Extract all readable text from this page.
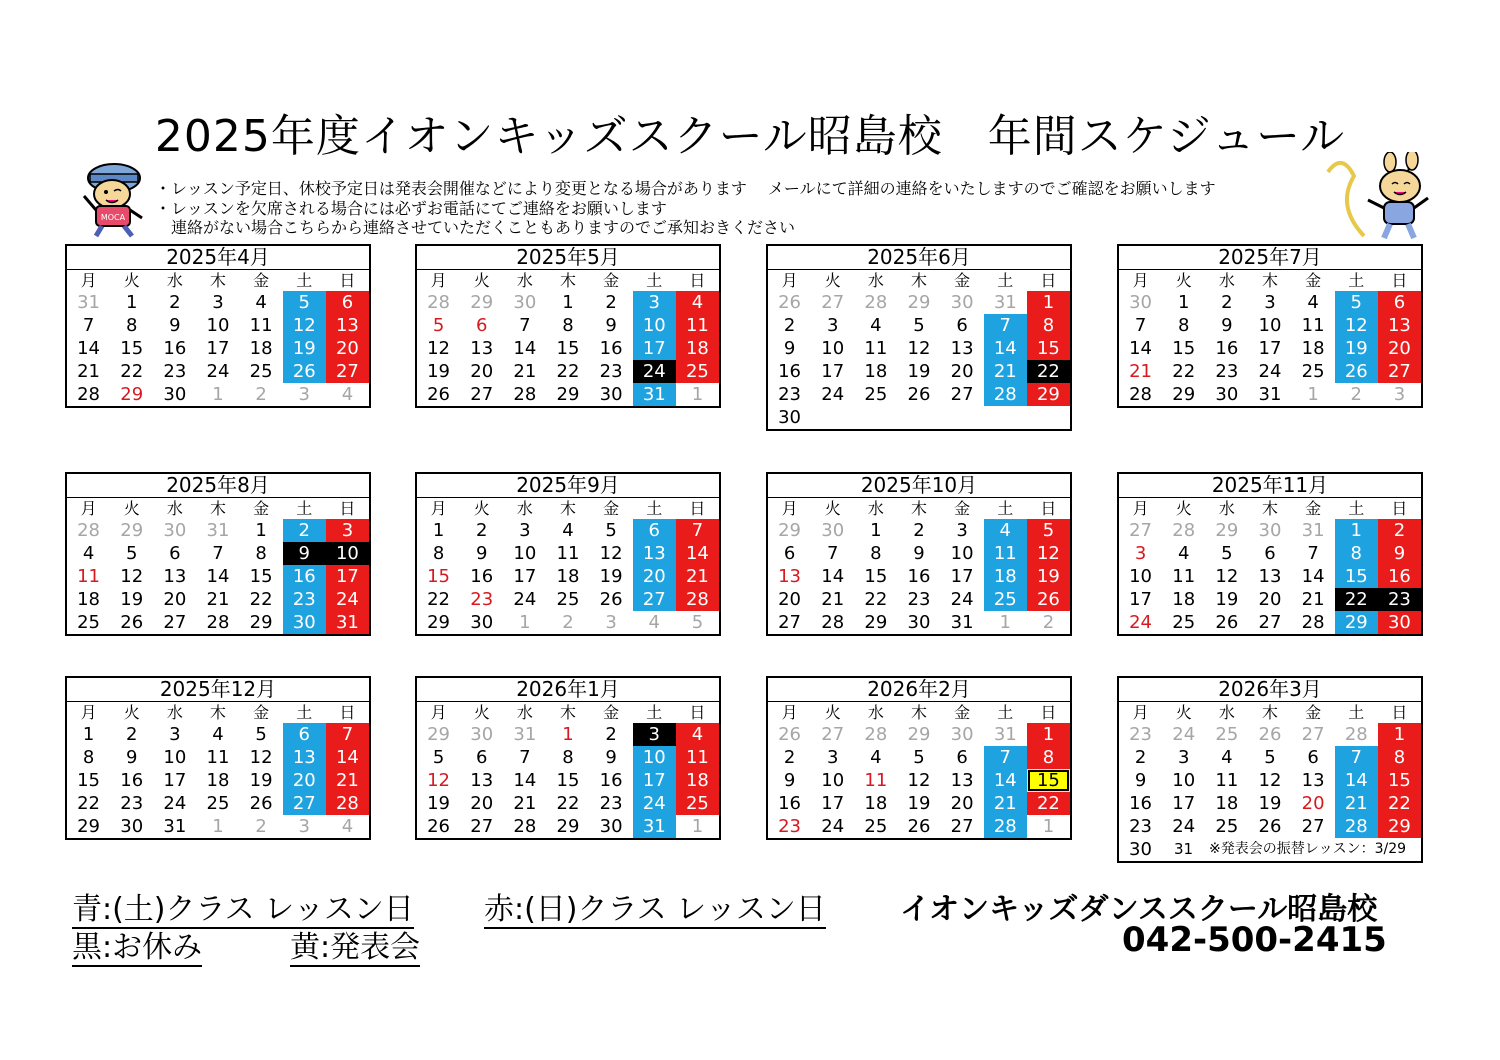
2025年度イオンキッズスクール昭島校　年間スケジュール
・レッスン予定日、休校予定日は発表会開催などにより変更となる場合があります　 メールにて詳細の連絡をいたしますのでご確認をお願いします
・レッスンを欠席される場合には必ずお電話にてご連絡をお願いします
　連絡がない場合こちらから連絡させていただくこともありますのでご承知おきください
MOCA
2025年4月
月	火	水	木	金	土	日
31	1	2	3	4	5	6
7	8	9	10	11	12	13
14	15	16	17	18	19	20
21	22	23	24	25	26	27
28	29	30	1	2	3	4
2025年5月
月	火	水	木	金	土	日
28	29	30	1	2	3	4
5	6	7	8	9	10	11
12	13	14	15	16	17	18
19	20	21	22	23	24	25
26	27	28	29	30	31	1
2025年6月
月	火	水	木	金	土	日
26	27	28	29	30	31	1
2	3	4	5	6	7	8
9	10	11	12	13	14	15
16	17	18	19	20	21	22
23	24	25	26	27	28	29
30
2025年7月
月	火	水	木	金	土	日
30	1	2	3	4	5	6
7	8	9	10	11	12	13
14	15	16	17	18	19	20
21	22	23	24	25	26	27
28	29	30	31	1	2	3
2025年8月
月	火	水	木	金	土	日
28	29	30	31	1	2	3
4	5	6	7	8	9	10
11	12	13	14	15	16	17
18	19	20	21	22	23	24
25	26	27	28	29	30	31
2025年9月
月	火	水	木	金	土	日
1	2	3	4	5	6	7
8	9	10	11	12	13	14
15	16	17	18	19	20	21
22	23	24	25	26	27	28
29	30	1	2	3	4	5
2025年10月
月	火	水	木	金	土	日
29	30	1	2	3	4	5
6	7	8	9	10	11	12
13	14	15	16	17	18	19
20	21	22	23	24	25	26
27	28	29	30	31	1	2
2025年11月
月	火	水	木	金	土	日
27	28	29	30	31	1	2
3	4	5	6	7	8	9
10	11	12	13	14	15	16
17	18	19	20	21	22	23
24	25	26	27	28	29	30
2025年12月
月	火	水	木	金	土	日
1	2	3	4	5	6	7
8	9	10	11	12	13	14
15	16	17	18	19	20	21
22	23	24	25	26	27	28
29	30	31	1	2	3	4
2026年1月
月	火	水	木	金	土	日
29	30	31	1	2	3	4
5	6	7	8	9	10	11
12	13	14	15	16	17	18
19	20	21	22	23	24	25
26	27	28	29	30	31	1
2026年2月
月	火	水	木	金	土	日
26	27	28	29	30	31	1
2	3	4	5	6	7	8
9	10	11	12	13	14	15
16	17	18	19	20	21	22
23	24	25	26	27	28	1
2026年3月
月	火	水	木	金	土	日
23	24	25	26	27	28	1
2	3	4	5	6	7	8
9	10	11	12	13	14	15
16	17	18	19	20	21	22
23	24	25	26	27	28	29
30	31	※発表会の振替レッスン：3/29
青:(土)クラス レッスン日 赤:(日)クラス レッスン日
黒:お休み	黄:発表会
イオンキッズダンススクール昭島校
042-500-2415
